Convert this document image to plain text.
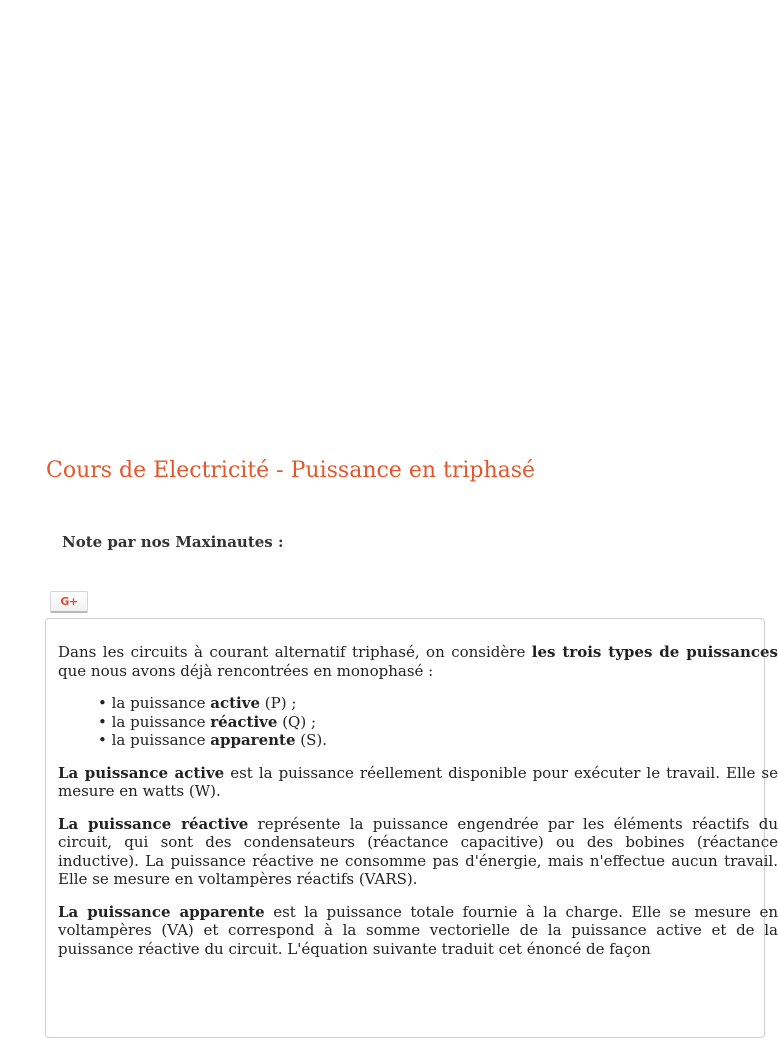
Cours de Electricité - Puissance en triphasé
Note par nos Maxinautes :
G+

Dans les circuits à courant alternatif triphasé, on considère les trois types de puissances que nous avons déjà rencontrées en monophasé :

• la puissance active (P) ;
• la puissance réactive (Q) ;
• la puissance apparente (S).

La puissance active est la puissance réellement disponible pour exécuter le travail. Elle se mesure en watts (W).

La puissance réactive représente la puissance engendrée par les éléments réactifs du circuit, qui sont des condensateurs (réactance capacitive) ou des bobines (réactance inductive). La puissance réactive ne consomme pas d'énergie, mais n'effectue aucun travail. Elle se mesure en voltampères réactifs (VARS).

La puissance apparente est la puissance totale fournie à la charge. Elle se mesure en voltampères (VA) et correspond à la somme vectorielle de la puissance active et de la puissance réactive du circuit. L'équation suivante traduit cet énoncé de façon
